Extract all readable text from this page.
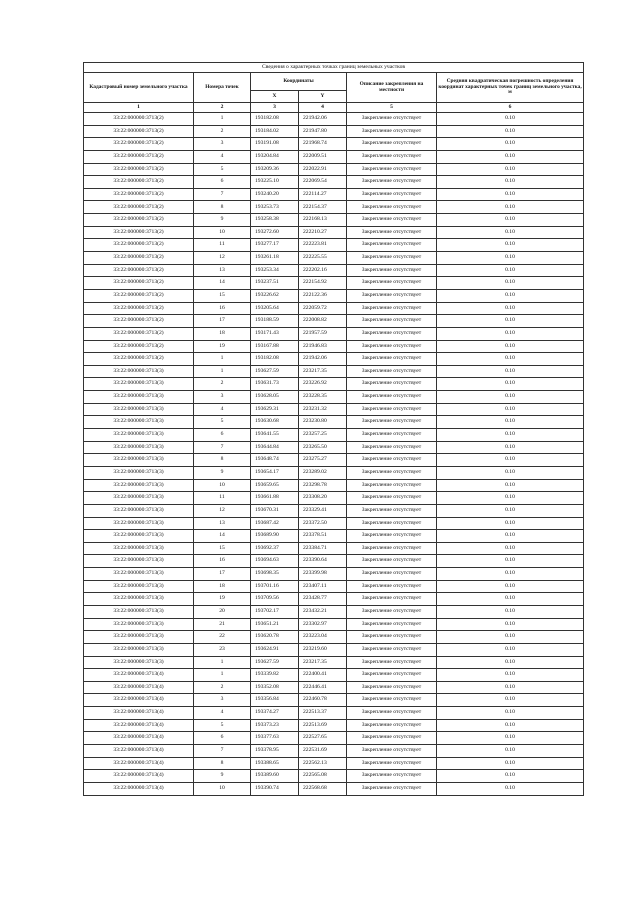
Сведения о характерных точках границ земельных участков					
Кадастровый номер земельного участка	Номера точек	Координаты		Описание закрепления на местности	Средняя квадратическая погрешность определения координат характерных точек границ земельного участка, м
		X	Y		
1	2	3	4	5	6
33:22:000000:3713(2)	1	193182.08	221942.06	Закрепление отсутствует	0.10
33:22:000000:3713(2)	2	193184.02	221947.80	Закрепление отсутствует	0.10
33:22:000000:3713(2)	3	193191.08	221968.74	Закрепление отсутствует	0.10
33:22:000000:3713(2)	4	193204.84	222009.51	Закрепление отсутствует	0.10
33:22:000000:3713(2)	5	193209.36	222022.91	Закрепление отсутствует	0.10
33:22:000000:3713(2)	6	193225.10	222069.54	Закрепление отсутствует	0.10
33:22:000000:3713(2)	7	193240.20	222114.27	Закрепление отсутствует	0.10
33:22:000000:3713(2)	8	193253.73	222154.37	Закрепление отсутствует	0.10
33:22:000000:3713(2)	9	193258.38	222168.13	Закрепление отсутствует	0.10
33:22:000000:3713(2)	10	193272.60	222210.27	Закрепление отсутствует	0.10
33:22:000000:3713(2)	11	193277.17	222223.81	Закрепление отсутствует	0.10
33:22:000000:3713(2)	12	193261.18	222225.55	Закрепление отсутствует	0.10
33:22:000000:3713(2)	13	193253.34	222202.16	Закрепление отсутствует	0.10
33:22:000000:3713(2)	14	193237.51	222154.92	Закрепление отсутствует	0.10
33:22:000000:3713(2)	15	193226.62	222122.36	Закрепление отсутствует	0.10
33:22:000000:3713(2)	16	193205.64	222059.72	Закрепление отсутствует	0.10
33:22:000000:3713(2)	17	193188.59	222008.82	Закрепление отсутствует	0.10
33:22:000000:3713(2)	18	193171.43	221957.59	Закрепление отсутствует	0.10
33:22:000000:3713(2)	19	193167.88	221946.83	Закрепление отсутствует	0.10
33:22:000000:3713(2)	1	193182.08	221942.06	Закрепление отсутствует	0.10
33:22:000000:3713(3)	1	193627.59	223217.35	Закрепление отсутствует	0.10
33:22:000000:3713(3)	2	193631.73	223226.92	Закрепление отсутствует	0.10
33:22:000000:3713(3)	3	193628.05	223228.35	Закрепление отсутствует	0.10
33:22:000000:3713(3)	4	193629.31	223231.32	Закрепление отсутствует	0.10
33:22:000000:3713(3)	5	193630.68	223230.80	Закрепление отсутствует	0.10
33:22:000000:3713(3)	6	193641.55	223257.25	Закрепление отсутствует	0.10
33:22:000000:3713(3)	7	193644.84	223265.50	Закрепление отсутствует	0.10
33:22:000000:3713(3)	8	193648.74	223275.27	Закрепление отсутствует	0.10
33:22:000000:3713(3)	9	193654.17	223289.02	Закрепление отсутствует	0.10
33:22:000000:3713(3)	10	193659.65	223298.78	Закрепление отсутствует	0.10
33:22:000000:3713(3)	11	193661.88	223308.20	Закрепление отсутствует	0.10
33:22:000000:3713(3)	12	193670.31	223329.41	Закрепление отсутствует	0.10
33:22:000000:3713(3)	13	193687.42	223372.50	Закрепление отсутствует	0.10
33:22:000000:3713(3)	14	193689.90	223378.51	Закрепление отсутствует	0.10
33:22:000000:3713(3)	15	193692.37	223384.71	Закрепление отсутствует	0.10
33:22:000000:3713(3)	16	193694.63	223390.64	Закрепление отсутствует	0.10
33:22:000000:3713(3)	17	193698.35	223399.98	Закрепление отсутствует	0.10
33:22:000000:3713(3)	18	193701.16	223407.11	Закрепление отсутствует	0.10
33:22:000000:3713(3)	19	193709.56	223428.77	Закрепление отсутствует	0.10
33:22:000000:3713(3)	20	193702.17	223432.21	Закрепление отсутствует	0.10
33:22:000000:3713(3)	21	193651.21	223302.97	Закрепление отсутствует	0.10
33:22:000000:3713(3)	22	193620.78	223223.04	Закрепление отсутствует	0.10
33:22:000000:3713(3)	23	193624.91	223219.60	Закрепление отсутствует	0.10
33:22:000000:3713(3)	1	193627.59	223217.35	Закрепление отсутствует	0.10
33:22:000000:3713(4)	1	193339.82	222400.41	Закрепление отсутствует	0.10
33:22:000000:3713(4)	2	193352.08	222446.41	Закрепление отсутствует	0.10
33:22:000000:3713(4)	3	193356.84	222460.78	Закрепление отсутствует	0.10
33:22:000000:3713(4)	4	193374.27	222513.37	Закрепление отсутствует	0.10
33:22:000000:3713(4)	5	193373.23	222513.69	Закрепление отсутствует	0.10
33:22:000000:3713(4)	6	193377.63	222527.65	Закрепление отсутствует	0.10
33:22:000000:3713(4)	7	193378.95	222531.69	Закрепление отсутствует	0.10
33:22:000000:3713(4)	8	193388.65	222562.13	Закрепление отсутствует	0.10
33:22:000000:3713(4)	9	193389.60	222565.08	Закрепление отсутствует	0.10
33:22:000000:3713(4)	10	193390.74	222568.68	Закрепление отсутствует	0.10
